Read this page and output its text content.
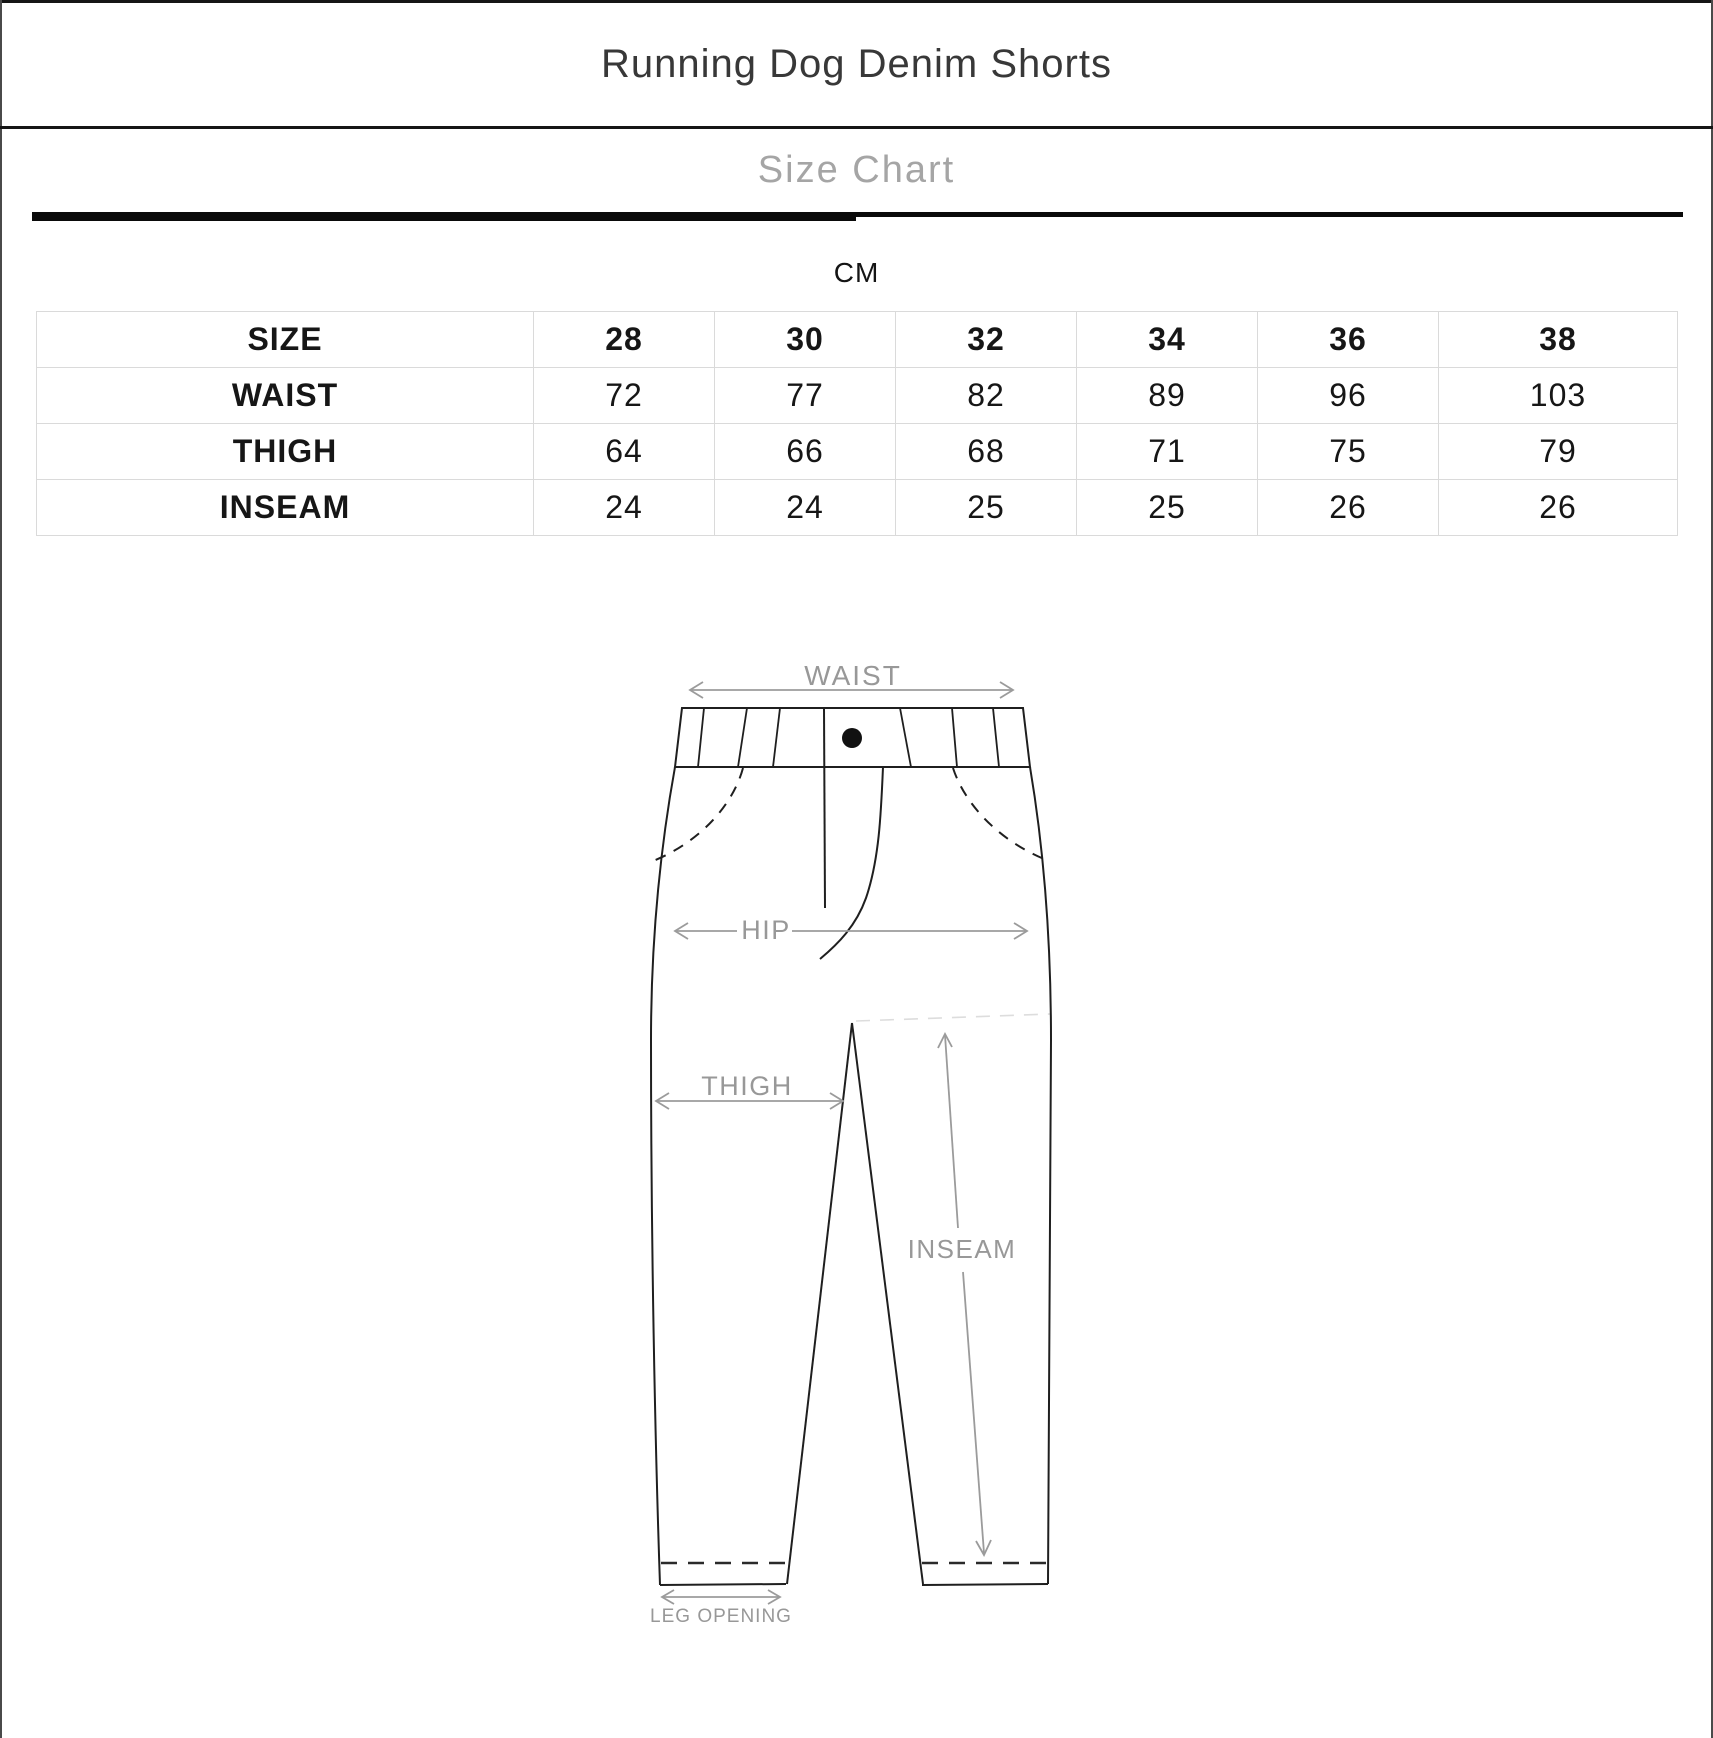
Running Dog Denim Shorts
Size Chart
CM
SIZE	28	30	32	34	36	38
WAIST	72	77	82	89	96	103
THIGH	64	66	68	71	75	79
INSEAM	24	24	25	25	26	26
WAIST
HIP
THIGH
INSEAM
LEG OPENING
